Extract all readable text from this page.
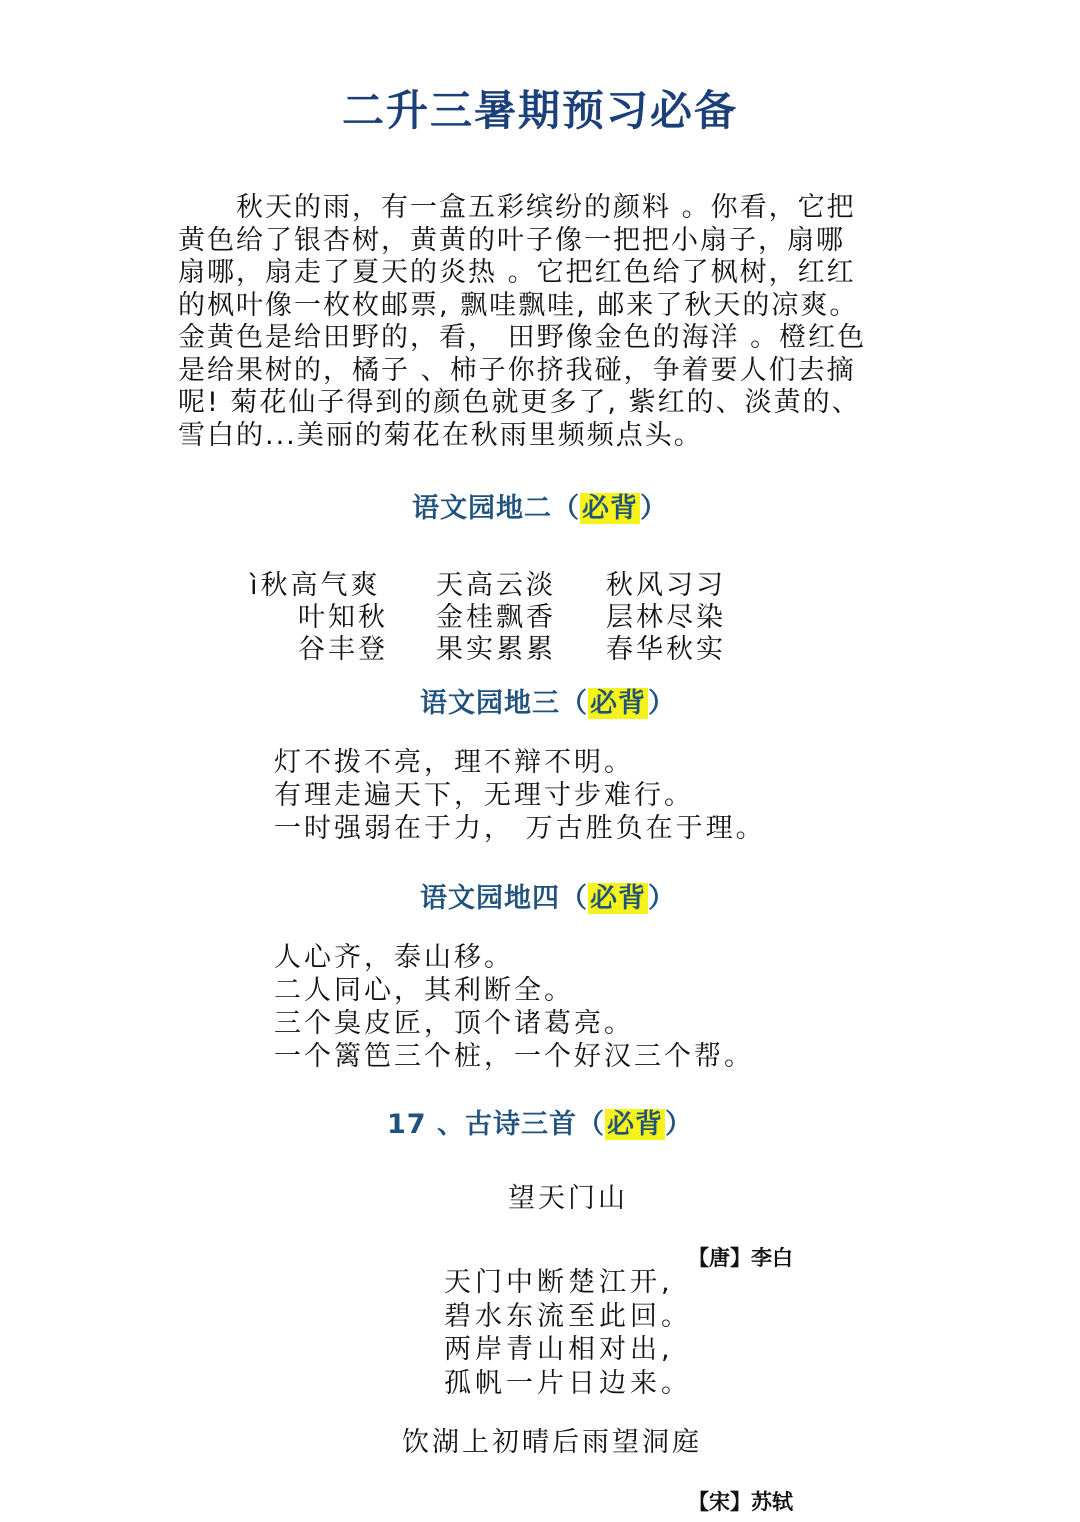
二升三暑期预习必备
　　秋天的雨，有一盒五彩缤纷的颜料 。你看，它把
黄色给了银杏树，黄黄的叶子像一把把小扇子，扇哪
扇哪，扇走了夏天的炎热 。它把红色给了枫树，红红
的枫叶像一枚枚邮票, 飘哇飘哇, 邮来了秋天的凉爽。
金黄色是给田野的，看， 田野像金色的海洋 。橙红色
是给果树的，橘子 、柿子你挤我碰，争着要人们去摘
呢! 菊花仙子得到的颜色就更多了, 紫红的、淡黄的、
雪白的...美丽的菊花在秋雨里频频点头。
语文园地二（必背）
ì秋高气爽 天高云淡 秋风习习
叶知秋 金桂飘香 层林尽染
谷丰登 果实累累 春华秋实
语文园地三（必背）
灯不拨不亮，理不辩不明。
有理走遍天下，无理寸步难行。
一时强弱在于力， 万古胜负在于理。
语文园地四（必背）
人心齐，泰山移。
二人同心，其利断全。
三个臭皮匠，顶个诸葛亮。
一个篱笆三个桩，一个好汉三个帮。
17 、古诗三首（必背）
望天门山
【唐】李白
天门中断楚江开,
碧水东流至此回。
两岸青山相对出,
孤帆一片日边来。
饮湖上初晴后雨望洞庭
【宋】苏轼
